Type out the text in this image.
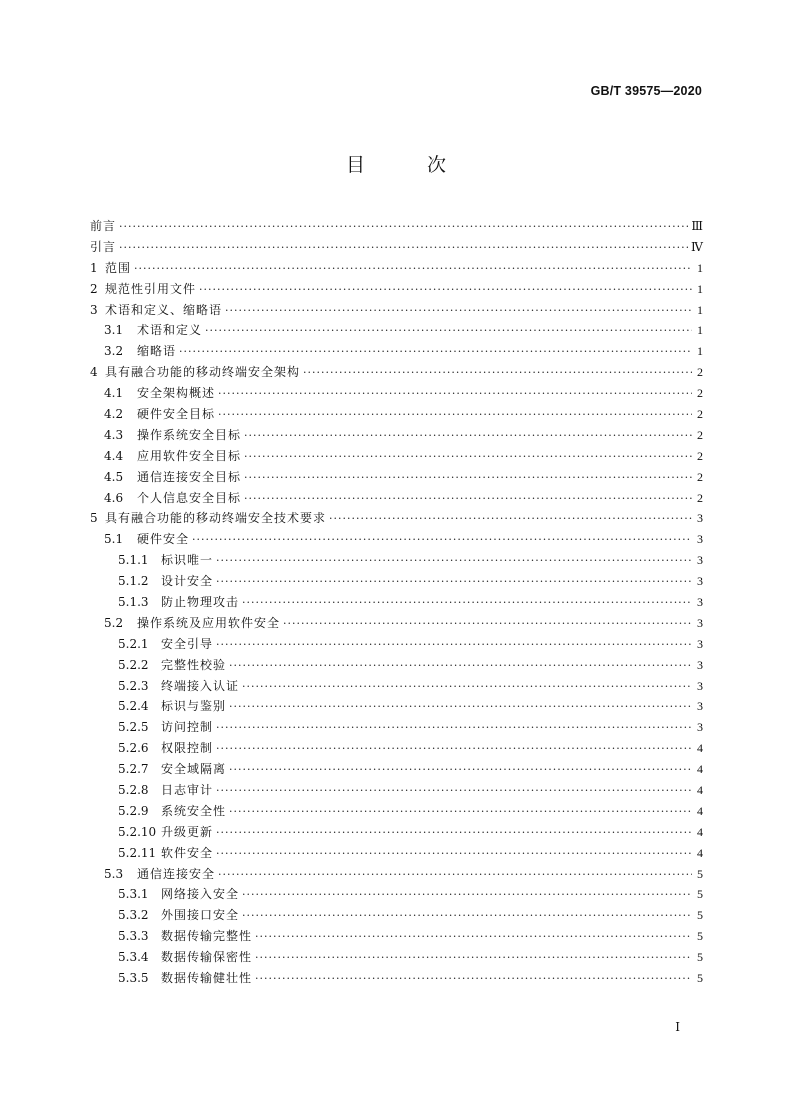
GB/T 39575—2020
目 次
前言 ·····	Ⅲ
引言 ·····	Ⅳ
1 范围 ·····	1
2 规范性引用文件 ·····	1
3 术语和定义、缩略语 ·····	1
3.1	术语和定义 ·····	1
3.2	缩略语 ·····	1
4 具有融合功能的移动终端安全架构 ·····	2
4.1	安全架构概述 ·····	2
4.2	硬件安全目标 ·····	2
4.3	操作系统安全目标 ·····	2
4.4	应用软件安全目标 ·····	2
4.5	通信连接安全目标 ·····	2
4.6	个人信息安全目标 ·····	2
5 具有融合功能的移动终端安全技术要求 ·····	3
5.1	硬件安全 ·····	3
5.1.1	标识唯一 ·····	3
5.1.2	设计安全 ·····	3
5.1.3	防止物理攻击 ·····	3
5.2	操作系统及应用软件安全 ·····	3
5.2.1	安全引导 ·····	3
5.2.2	完整性校验 ·····	3
5.2.3	终端接入认证 ·····	3
5.2.4	标识与鉴别 ·····	3
5.2.5	访问控制 ·····	3
5.2.6	权限控制 ·····	4
5.2.7	安全域隔离 ·····	4
5.2.8	日志审计 ·····	4
5.2.9	系统安全性 ·····	4
5.2.10 升级更新 ·····	4
5.2.11 软件安全 ·····	4
5.3	通信连接安全 ·····	5
5.3.1	网络接入安全 ·····	5
5.3.2	外围接口安全 ·····	5
5.3.3	数据传输完整性 ·····	5
5.3.4	数据传输保密性 ·····	5
5.3.5	数据传输健壮性 ·····	5
Ⅰ
